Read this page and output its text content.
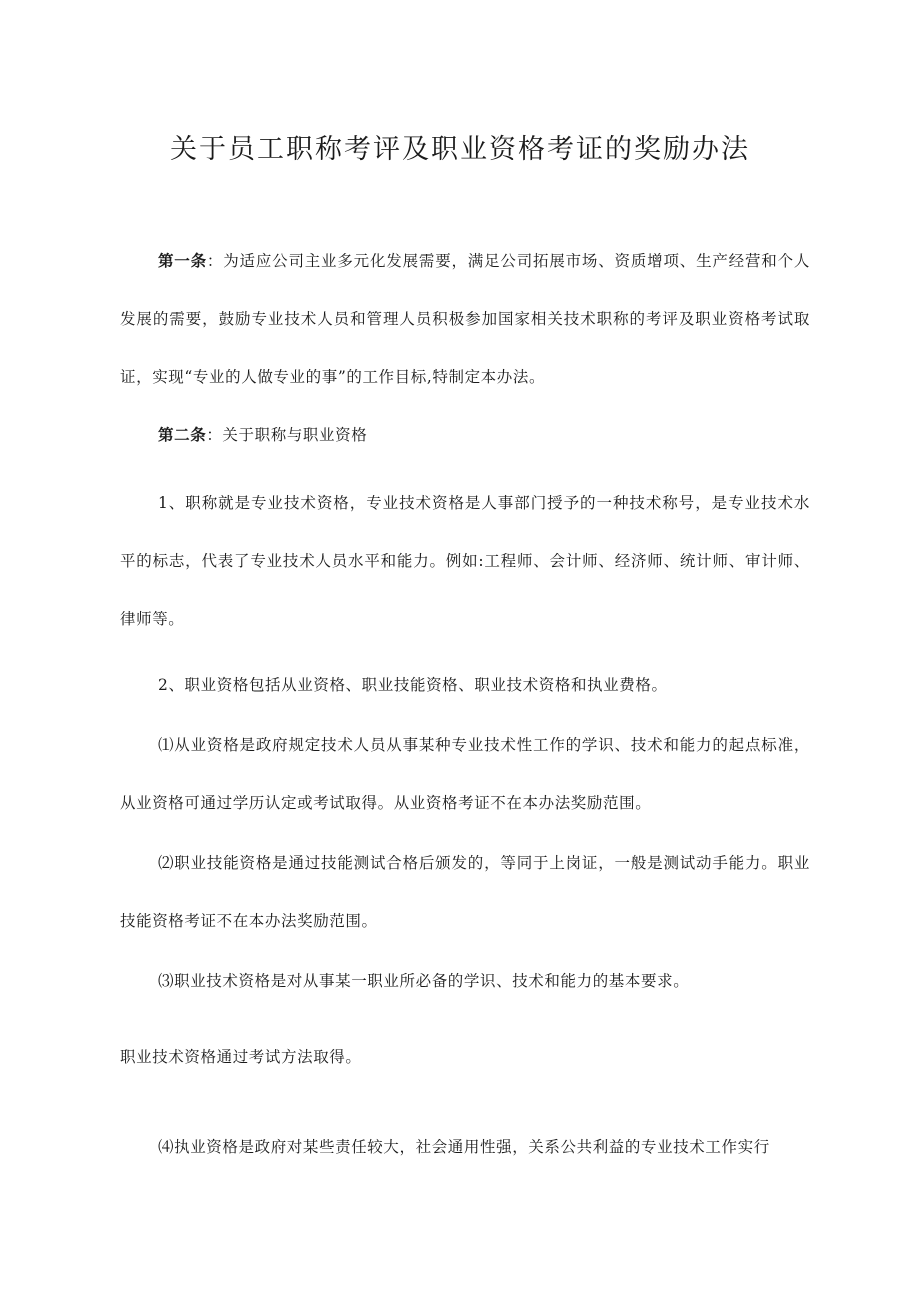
关于员工职称考评及职业资格考证的奖励办法

第一条：为适应公司主业多元化发展需要，满足公司拓展市场、资质增项、生产经营和个人发展的需要，鼓励专业技术人员和管理人员积极参加国家相关技术职称的考评及职业资格考试取证，实现“专业的人做专业的事”的工作目标,特制定本办法。

第二条：关于职称与职业资格

1、职称就是专业技术资格，专业技术资格是人事部门授予的一种技术称号，是专业技术水平的标志，代表了专业技术人员水平和能力。例如:工程师、会计师、经济师、统计师、审计师、律师等。

2、职业资格包括从业资格、职业技能资格、职业技术资格和执业费格。

⑴从业资格是政府规定技术人员从事某种专业技术性工作的学识、技术和能力的起点标准，从业资格可通过学历认定或考试取得。从业资格考证不在本办法奖励范围。

⑵职业技能资格是通过技能测试合格后颁发的，等同于上岗证，一般是测试动手能力。职业技能资格考证不在本办法奖励范围。

⑶职业技术资格是对从事某一职业所必备的学识、技术和能力的基本要求。

职业技术资格通过考试方法取得。

⑷执业资格是政府对某些责任较大，社会通用性强，关系公共利益的专业技术工作实行
